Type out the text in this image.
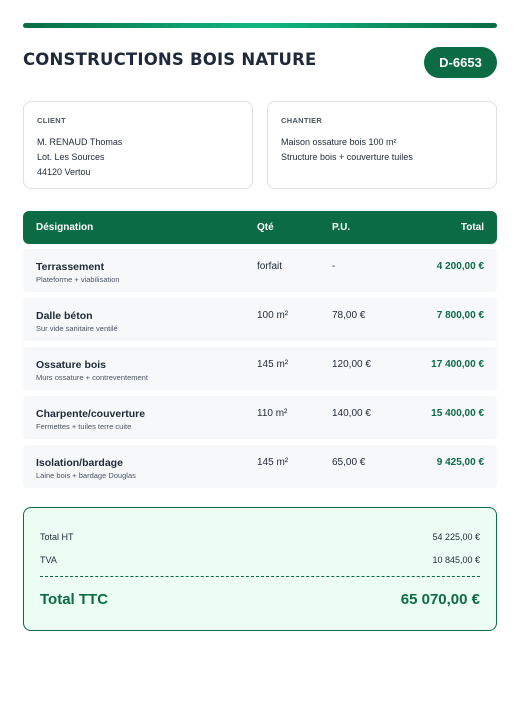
CONSTRUCTIONS BOIS NATURE	D-6653
CLIENT
M. RENAUD Thomas
Lot. Les Sources
44120 Vertou
CHANTIER
Maison ossature bois 100 m²
Structure bois + couverture tuiles
Désignation	Qté	P.U.	Total
Terrassement
Plateforme + viabilisation
forfait	-	4 200,00 €
Dalle béton
Sur vide sanitaire ventilé
100 m²	78,00 €	7 800,00 €
Ossature bois
Murs ossature + contreventement
145 m²	120,00 €	17 400,00 €
Charpente/couverture
Fermettes + tuiles terre cuite
110 m²	140,00 €	15 400,00 €
Isolation/bardage
Laine bois + bardage Douglas
145 m²	65,00 €	9 425,00 €
Total HT	54 225,00 €
TVA	10 845,00 €
Total TTC	65 070,00 €
